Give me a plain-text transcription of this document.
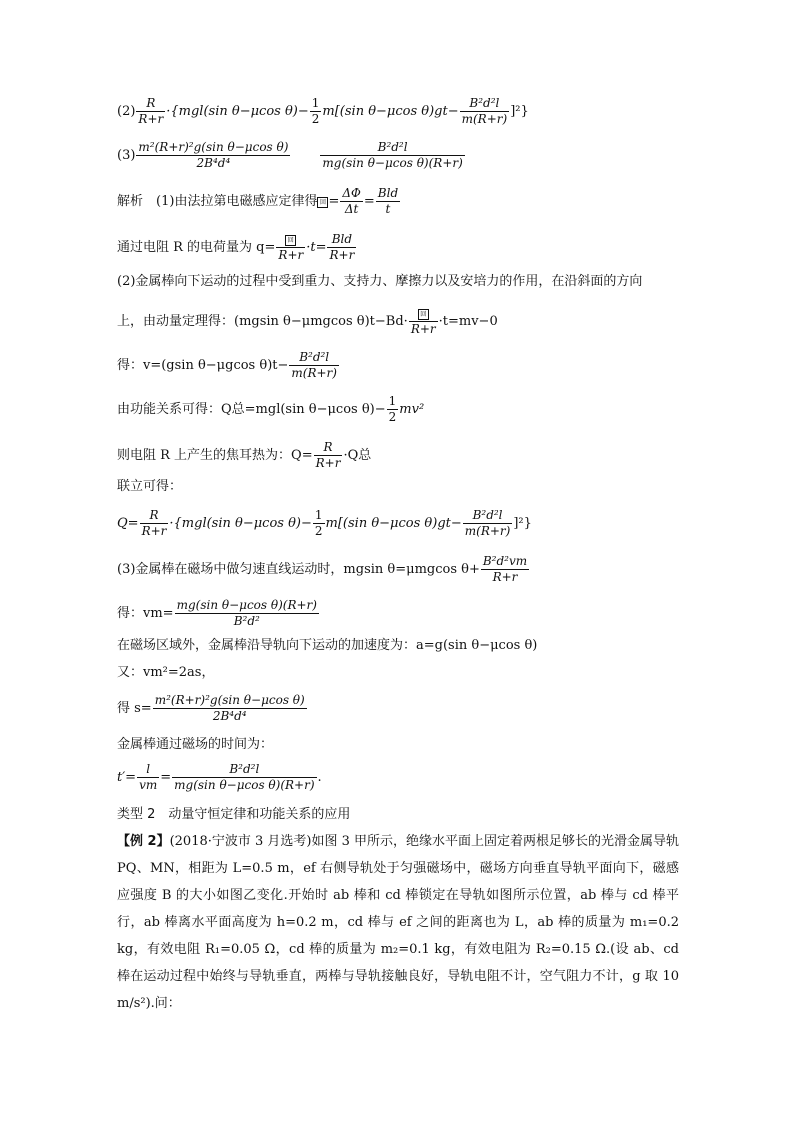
$(2) \frac{R}{R+r} \cdot\{mgl(\sin$ θ−μcos $\theta)- \frac{1}{2} m[(\sin$ θ−μcos $\theta)gt- \frac{\text{B²d²l}}{m(R+r)} ]^2$}
$(3) \frac{\text{m²(R+r)²g(sin θ−μcos θ)}}{\text{2B⁴d⁴}}$	$\frac{\text{B²d²l}}{\text{mg(sin θ−μcos θ)(R+r)}}$
解析　 (1)由法拉第电磁感应定律得 回 = $\frac{\Delta\Phi}{\Delta t} = \frac{\text{Bld}}{t}$
通过电阻 R 的电荷量为 $q= \frac{\text{回}}{R+r} \cdot t= \frac{\text{Bld}}{R+r}$
(2)金属棒向下运动的过程中受到重力、支持力、摩擦力以及安培力的作用，在沿斜面的方向
上，由动量定理得：(mgsin θ−μmgcos $\theta)t-Bd\cdot \frac{\text{回}}{R+r} \cdot t=mv-0$
得：v=(gsin θ−μgcos $\theta)t- \frac{\text{B²d²l}}{m(R+r)}$
由功能关系可得：Q总=mgl(sin θ−μcos $\theta)- \frac{1}{2} mv^2$
则电阻 R 上产生的焦耳热为：$Q= \frac{R}{R+r} \cdot Q$总
联立可得：
$Q= \frac{R}{R+r} \cdot\{mgl(\sin$ θ−μcos $\theta)- \frac{1}{2} m[(\sin$ θ−μcos $\theta)gt- \frac{\text{B²d²l}}{m(R+r)} ]^2$}
(3)金属棒在磁场中做匀速直线运动时，mgsin θ=μmgcos $\theta+ \frac{\text{B²d²vm}}{R+r}$
得：$vm= \frac{\text{mg(sin θ−μcos θ)(R+r)}}{\text{B²d²}}$
在磁场区域外，金属棒沿导轨向下运动的加速度为：a=g(sin θ−μcos θ)
又：vm²=2as，
得 $s= \frac{\text{m²(R+r)²g(sin θ−μcos θ)}}{\text{2B⁴d⁴}}$
金属棒通过磁场的时间为：
$t'= \frac{l}{vm} = \frac{\text{B²d²l}}{\text{mg(sin θ−μcos θ)(R+r)}}$ .
类型 2　动量守恒定律和功能关系的应用
【例 2】(2018·宁波市 3 月选考)如图 3 甲所示，绝缘水平面上固定着两根足够长的光滑金属导轨 PQ、MN，相距为 L=0.5 m，ef 右侧导轨处于匀强磁场中，磁场方向垂直导轨平面向下，磁感应强度 B 的大小如图乙变化.开始时 ab 棒和 cd 棒锁定在导轨如图所示位置，ab 棒与 cd 棒平行，ab 棒离水平面高度为 h=0.2 m，cd 棒与 ef 之间的距离也为 L，ab 棒的质量为 m₁=0.2 kg，有效电阻 R₁=0.05 Ω，cd 棒的质量为 m₂=0.1 kg，有效电阻为 R₂=0.15 Ω.(设 ab、cd 棒在运动过程中始终与导轨垂直，两棒与导轨接触良好，导轨电阻不计，空气阻力不计，g 取 10 m/s²).问：
